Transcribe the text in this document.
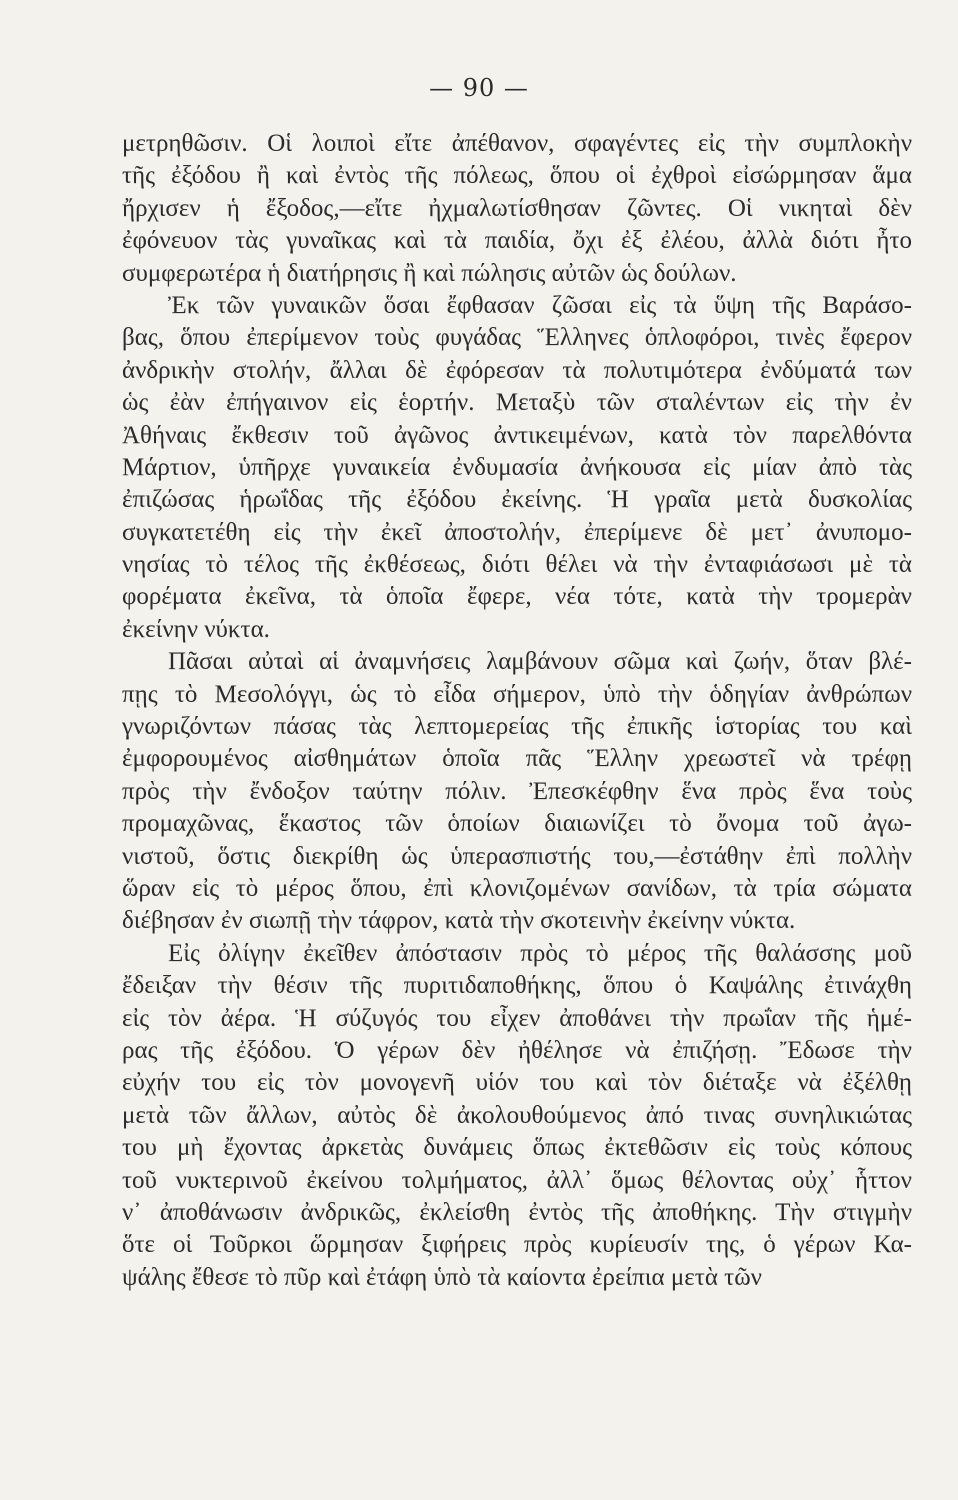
— 90 —
μετρηθῶσιν. Οἱ λοιποὶ εἴτε ἀπέθανον, σφαγέντες εἰς τὴν συμπλοκὴν
τῆς ἐξόδου ἢ καὶ ἐντὸς τῆς πόλεως, ὅπου οἱ ἐχθροὶ εἰσώρμησαν ἅμα
ἤρχισεν ἡ ἔξοδος,—εἴτε ἠχμαλωτίσθησαν ζῶντες. Οἱ νικηταὶ δὲν
ἐφόνευον τὰς γυναῖκας καὶ τὰ παιδία, ὄχι ἐξ ἐλέου, ἀλλὰ διότι ἦτο
συμφερωτέρα ἡ διατήρησις ἢ καὶ πώλησις αὐτῶν ὡς δούλων.
Ἐκ τῶν γυναικῶν ὅσαι ἔφθασαν ζῶσαι εἰς τὰ ὕψη τῆς Βαράσο-
βας, ὅπου ἐπερίμενον τοὺς φυγάδας Ἕλληνες ὁπλοφόροι, τινὲς ἔφερον
ἀνδρικὴν στολήν, ἄλλαι δὲ ἐφόρεσαν τὰ πολυτιμότερα ἐνδύματά των
ὡς ἐὰν ἐπήγαινον εἰς ἑορτήν. Μεταξὺ τῶν σταλέντων εἰς τὴν ἐν
Ἀθήναις ἔκθεσιν τοῦ ἀγῶνος ἀντικειμένων, κατὰ τὸν παρελθόντα
Μάρτιον, ὑπῆρχε γυναικεία ἐνδυμασία ἀνήκουσα εἰς μίαν ἀπὸ τὰς
ἐπιζώσας ἡρωΐδας τῆς ἐξόδου ἐκείνης. Ἡ γραῖα μετὰ δυσκολίας
συγκατετέθη εἰς τὴν ἐκεῖ ἀποστολήν, ἐπερίμενε δὲ μετ᾽ ἀνυπομο-
νησίας τὸ τέλος τῆς ἐκθέσεως, διότι θέλει νὰ τὴν ἐνταφιάσωσι μὲ τὰ
φορέματα ἐκεῖνα, τὰ ὁποῖα ἔφερε, νέα τότε, κατὰ τὴν τρομερὰν
ἐκείνην νύκτα.
Πᾶσαι αὐταὶ αἱ ἀναμνήσεις λαμβάνουν σῶμα καὶ ζωήν, ὅταν βλέ-
πῃς τὸ Μεσολόγγι, ὡς τὸ εἶδα σήμερον, ὑπὸ τὴν ὁδηγίαν ἀνθρώπων
γνωριζόντων πάσας τὰς λεπτομερείας τῆς ἐπικῆς ἱστορίας του καὶ
ἐμφορουμένος αἰσθημάτων ὁποῖα πᾶς Ἕλλην χρεωστεῖ νὰ τρέφῃ
πρὸς τὴν ἔνδοξον ταύτην πόλιν. Ἐπεσκέφθην ἕνα πρὸς ἕνα τοὺς
προμαχῶνας, ἕκαστος τῶν ὁποίων διαιωνίζει τὸ ὄνομα τοῦ ἀγω-
νιστοῦ, ὅστις διεκρίθη ὡς ὑπερασπιστής του,—ἐστάθην ἐπὶ πολλὴν
ὥραν εἰς τὸ μέρος ὅπου, ἐπὶ κλονιζομένων σανίδων, τὰ τρία σώματα
διέβησαν ἐν σιωπῇ τὴν τάφρον, κατὰ τὴν σκοτεινὴν ἐκείνην νύκτα.
Εἰς ὀλίγην ἐκεῖθεν ἀπόστασιν πρὸς τὸ μέρος τῆς θαλάσσης μοῦ
ἔδειξαν τὴν θέσιν τῆς πυριτιδαποθήκης, ὅπου ὁ Καψάλης ἐτινάχθη
εἰς τὸν ἀέρα. Ἡ σύζυγός του εἶχεν ἀποθάνει τὴν πρωΐαν τῆς ἡμέ-
ρας τῆς ἐξόδου. Ὁ γέρων δὲν ἠθέλησε νὰ ἐπιζήσῃ. Ἔδωσε τὴν
εὐχήν του εἰς τὸν μονογενῆ υἱόν του καὶ τὸν διέταξε νὰ ἐξέλθῃ
μετὰ τῶν ἄλλων, αὐτὸς δὲ ἀκολουθούμενος ἀπό τινας συνηλικιώτας
του μὴ ἔχοντας ἀρκετὰς δυνάμεις ὅπως ἐκτεθῶσιν εἰς τοὺς κόπους
τοῦ νυκτερινοῦ ἐκείνου τολμήματος, ἀλλ᾽ ὅμως θέλοντας οὐχ᾽ ἧττον
ν᾽ ἀποθάνωσιν ἀνδρικῶς, ἐκλείσθη ἐντὸς τῆς ἀποθήκης. Τὴν στιγμὴν
ὅτε οἱ Τοῦρκοι ὥρμησαν ξιφήρεις πρὸς κυρίευσίν της, ὁ γέρων Κα-
ψάλης ἔθεσε τὸ πῦρ καὶ ἐτάφη ὑπὸ τὰ καίοντα ἐρείπια μετὰ τῶν
